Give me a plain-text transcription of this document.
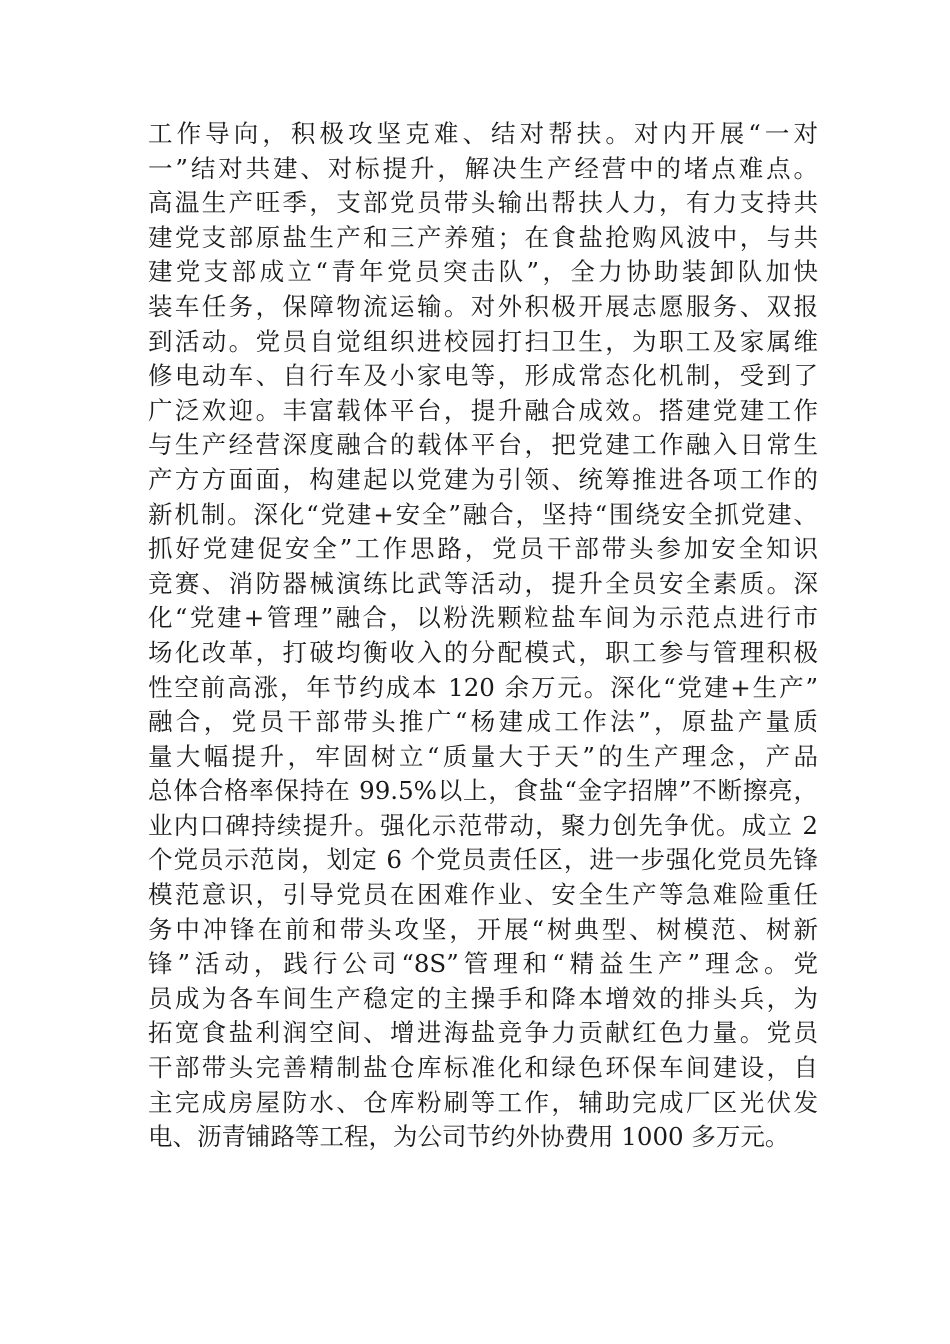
工作导向，积极攻坚克难、结对帮扶。对内开展“一对
一”结对共建、对标提升，解决生产经营中的堵点难点。
高温生产旺季，支部党员带头输出帮扶人力，有力支持共
建党支部原盐生产和三产养殖；在食盐抢购风波中，与共
建党支部成立“青年党员突击队”，全力协助装卸队加快
装车任务，保障物流运输。对外积极开展志愿服务、双报
到活动。党员自觉组织进校园打扫卫生，为职工及家属维
修电动车、自行车及小家电等，形成常态化机制，受到了
广泛欢迎。丰富载体平台，提升融合成效。搭建党建工作
与生产经营深度融合的载体平台，把党建工作融入日常生
产方方面面，构建起以党建为引领、统筹推进各项工作的
新机制。深化“党建+安全”融合，坚持“围绕安全抓党建、
抓好党建促安全”工作思路，党员干部带头参加安全知识
竞赛、消防器械演练比武等活动，提升全员安全素质。深
化“党建+管理”融合，以粉洗颗粒盐车间为示范点进行市
场化改革，打破均衡收入的分配模式，职工参与管理积极
性空前高涨，年节约成本 120 余万元。深化“党建+生产”
融合，党员干部带头推广“杨建成工作法”，原盐产量质
量大幅提升，牢固树立“质量大于天”的生产理念，产品
总体合格率保持在 99.5%以上，食盐“金字招牌”不断擦亮，
业内口碑持续提升。强化示范带动，聚力创先争优。成立 2
个党员示范岗，划定 6 个党员责任区，进一步强化党员先锋
模范意识，引导党员在困难作业、安全生产等急难险重任
务中冲锋在前和带头攻坚，开展“树典型、树模范、树新
锋”活动，践行公司“8S”管理和“精益生产”理念。党
员成为各车间生产稳定的主操手和降本增效的排头兵，为
拓宽食盐利润空间、增进海盐竞争力贡献红色力量。党员
干部带头完善精制盐仓库标准化和绿色环保车间建设，自
主完成房屋防水、仓库粉刷等工作，辅助完成厂区光伏发
电、沥青铺路等工程，为公司节约外协费用 1000 多万元。
